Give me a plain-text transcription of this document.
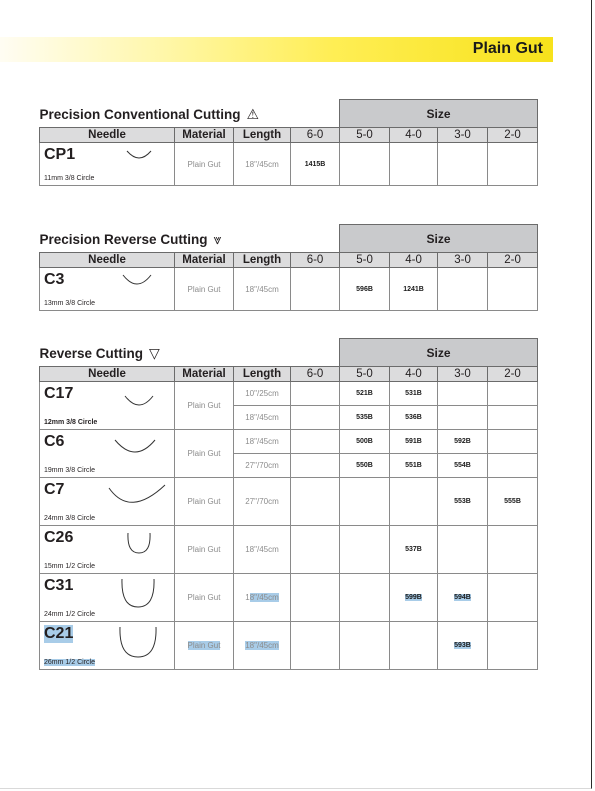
Plain Gut
Precision Conventional Cutting ⚠				Size			
Needle	Material	Length	6-0	5-0	4-0	3-0	2-0

CP1
11mm 3/8 Circle	Plain Gut	18"/45cm	1415B				
Precision Reverse Cutting ⩔				Size			
Needle	Material	Length	6-0	5-0	4-0	3-0	2-0

C3
13mm 3/8 Circle	Plain Gut	18"/45cm		596B	1241B		
Reverse Cutting ▽				Size			
Needle	Material	Length	6-0	5-0	4-0	3-0	2-0

C17
12mm 3/8 Circle	Plain Gut	10"/25cm		521B	531B		
		18"/45cm		535B	536B		

C6
19mm 3/8 Circle	Plain Gut	18"/45cm		500B	591B	592B	
		27"/70cm		550B	551B	554B	

C7
24mm 3/8 Circle	Plain Gut	27"/70cm				553B	555B

C26
15mm 1/2 Circle	Plain Gut	18"/45cm			537B		

C31
24mm 1/2 Circle	Plain Gut	18"/45cm			599B	594B	

C21
26mm 1/2 Circle	Plain Gut	18"/45cm				593B	
